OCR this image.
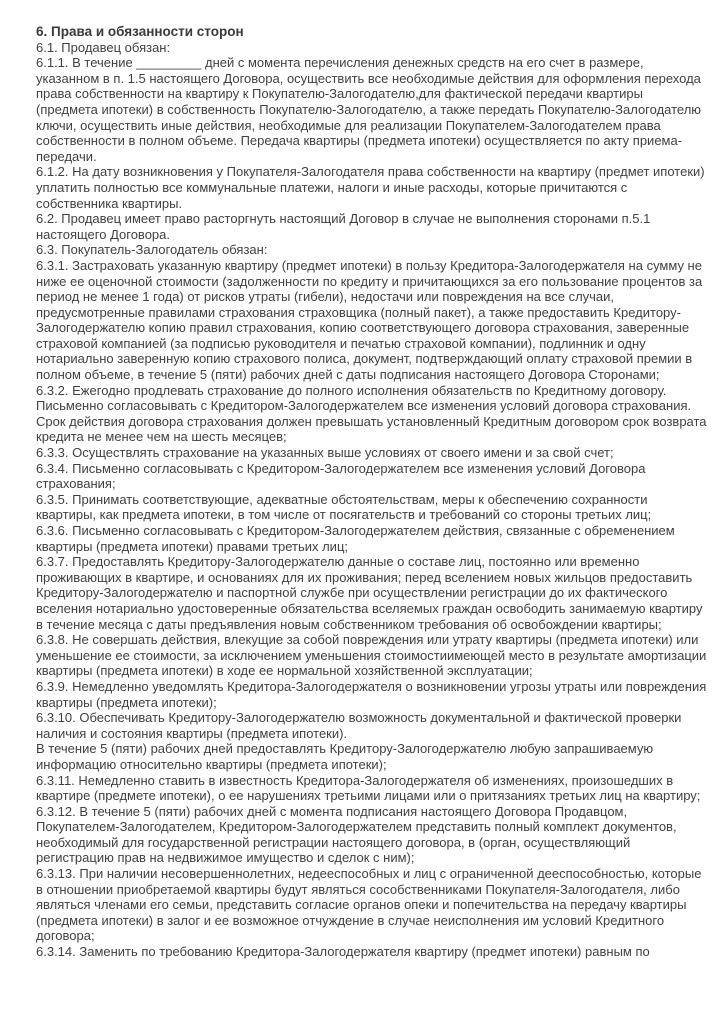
6. Права и обязанности сторон

6.1. Продавец обязан:

6.1.1. В течение _________ дней с момента перечисления денежных средств на его счет в размере, указанном в п. 1.5 настоящего Договора, осуществить все необходимые действия для оформления перехода права собственности на квартиру к Покупателю-Залогодателю,для фактической передачи квартиры (предмета ипотеки) в собственность Покупателю-Залогодателю, а также передать Покупателю-Залогодателю ключи, осуществить иные действия, необходимые для реализации Покупателем-Залогодателем права собственности в полном объеме. Передача квартиры (предмета ипотеки) осуществляется по акту приема-передачи.

6.1.2. На дату возникновения у Покупателя-Залогодателя права собственности на квартиру (предмет ипотеки) уплатить полностью все коммунальные платежи, налоги и иные расходы, которые причитаются с собственника квартиры.

6.2. Продавец имеет право расторгнуть настоящий Договор в случае не выполнения сторонами п.5.1 настоящего Договора.

6.3. Покупатель-Залогодатель обязан:

6.3.1. Застраховать указанную квартиру (предмет ипотеки) в пользу Кредитора-Залогодержателя на сумму не ниже ее оценочной стоимости (задолженности по кредиту и причитающихся за его пользование процентов за период не менее 1 года) от рисков утраты (гибели), недостачи или повреждения на все случаи, предусмотренные правилами страхования страховщика (полный пакет), а также предоставить Кредитору-Залогодержателю копию правил страхования, копию соответствующего договора страхования, заверенные страховой компанией (за подписью руководителя и печатью страховой компании), подлинник и одну нотариально заверенную копию страхового полиса, документ, подтверждающий оплату страховой премии в полном объеме, в течение 5 (пяти) рабочих дней с даты подписания настоящего Договора Сторонами;

6.3.2. Ежегодно продлевать страхование до полного исполнения обязательств по Кредитному договору. Письменно согласовывать с Кредитором-Залогодержателем все изменения условий договора страхования. Срок действия договора страхования должен превышать установленный Кредитным договором срок возврата кредита не менее чем на шесть месяцев;

6.3.3. Осуществлять страхование на указанных выше условиях от своего имени и за свой счет;

6.3.4. Письменно согласовывать с Кредитором-Залогодержателем все изменения условий Договора страхования;

6.3.5. Принимать соответствующие, адекватные обстоятельствам, меры к обеспечению сохранности квартиры, как предмета ипотеки, в том числе от посягательств и требований со стороны третьих лиц;

6.3.6. Письменно согласовывать с Кредитором-Залогодержателем действия, связанные с обременением квартиры (предмета ипотеки) правами третьих лиц;

6.3.7. Предоставлять Кредитору-Залогодержателю данные о составе лиц, постоянно или временно проживающих в квартире, и основаниях для их проживания; перед вселением новых жильцов предоставить Кредитору-Залогодержателю и паспортной службе при осуществлении регистрации до их фактического вселения нотариально удостоверенные обязательства вселяемых граждан освободить занимаемую квартиру в течение месяца с даты предъявления новым собственником требования об освобождении квартиры;

6.3.8. Не совершать действия, влекущие за собой повреждения или утрату квартиры (предмета ипотеки) или уменьшение ее стоимости, за исключением уменьшения стоимостиимеющей место в результате амортизации квартиры (предмета ипотеки) в ходе ее нормальной хозяйственной эксплуатации;

6.3.9. Немедленно уведомлять Кредитора-Залогодержателя о возникновении угрозы утраты или повреждения квартиры (предмета ипотеки);

6.3.10. Обеспечивать Кредитору-Залогодержателю возможность документальной и фактической проверки наличия и состояния квартиры (предмета ипотеки).

В течение 5 (пяти) рабочих дней предоставлять Кредитору-Залогодержателю любую запрашиваемую информацию относительно квартиры (предмета ипотеки);

6.3.11. Немедленно ставить в известность Кредитора-Залогодержателя об изменениях, произошедших в квартире (предмете ипотеки), о ее нарушениях третьими лицами или о притязаниях третьих лиц на квартиру;

6.3.12. В течение 5 (пяти) рабочих дней с момента подписания настоящего Договора Продавцом, Покупателем-Залогодателем, Кредитором-Залогодержателем представить полный комплект документов, необходимый для государственной регистрации настоящего договора, в (орган, осуществляющий регистрацию прав на недвижимое имущество и сделок с ним);

6.3.13. При наличии несовершеннолетних, недееспособных и лиц с ограниченной дееспособностью, которые в отношении приобретаемой квартиры будут являться сособственниками Покупателя-Залогодателя, либо являться членами его семьи, представить согласие органов опеки и попечительства на передачу квартиры (предмета ипотеки) в залог и ее возможное отчуждение в случае неисполнения им условий Кредитного договора;

6.3.14. Заменить по требованию Кредитора-Залогодержателя квартиру (предмет ипотеки) равным по
